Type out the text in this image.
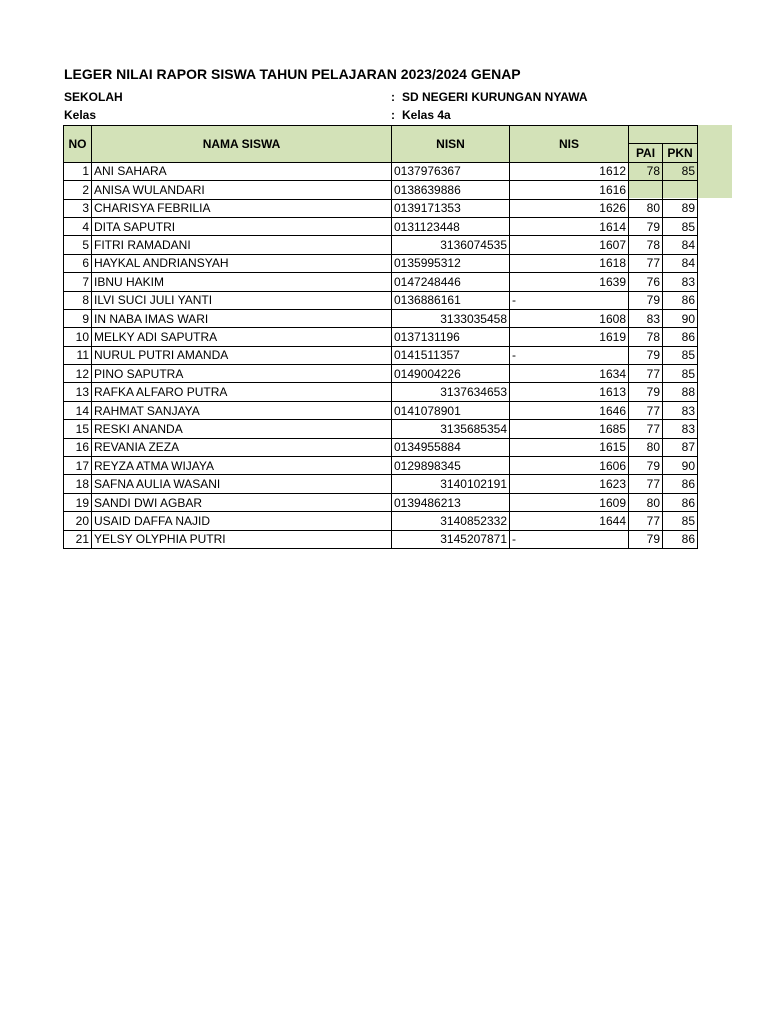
LEGER NILAI RAPOR SISWA TAHUN PELAJARAN 2023/2024 GENAP
SEKOLAH	: SD NEGERI KURUNGAN NYAWA
Kelas	: Kelas 4a
NO	NAMA SISWA	NISN	NIS		
				PAI	PKN
1	ANI SAHARA	0137976367	1612	78	85
2	ANISA WULANDARI	0138639886	1616		
3	CHARISYA FEBRILIA	0139171353	1626	80	89
4	DITA SAPUTRI	0131123448	1614	79	85
5	FITRI RAMADANI	3136074535	1607	78	84
6	HAYKAL ANDRIANSYAH	0135995312	1618	77	84
7	IBNU HAKIM	0147248446	1639	76	83
8	ILVI SUCI JULI YANTI	0136886161	-	79	86
9	IN NABA IMAS WARI	3133035458	1608	83	90
10	MELKY ADI SAPUTRA	0137131196	1619	78	86
11	NURUL PUTRI AMANDA	0141511357	-	79	85
12	PINO SAPUTRA	0149004226	1634	77	85
13	RAFKA ALFARO PUTRA	3137634653	1613	79	88
14	RAHMAT SANJAYA	0141078901	1646	77	83
15	RESKI ANANDA	3135685354	1685	77	83
16	REVANIA ZEZA	0134955884	1615	80	87
17	REYZA ATMA WIJAYA	0129898345	1606	79	90
18	SAFNA AULIA WASANI	3140102191	1623	77	86
19	SANDI DWI AGBAR	0139486213	1609	80	86
20	USAID DAFFA NAJID	3140852332	1644	77	85
21	YELSY OLYPHIA PUTRI	3145207871	-	79	86
